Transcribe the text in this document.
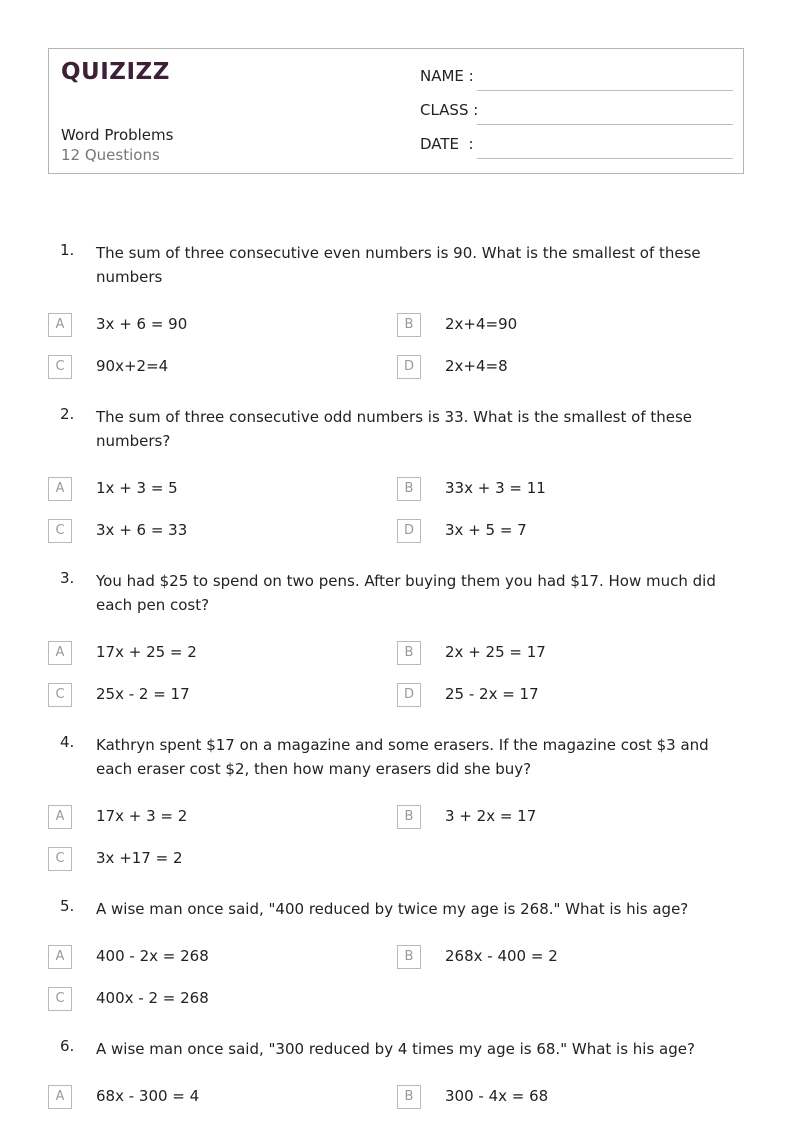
QUIZIZZ
Word Problems
12 Questions
NAME :
CLASS :
DATE  :
1. The sum of three consecutive even numbers is 90. What is the smallest of these numbers
A	3x + 6 = 90	B	2x+4=90
C	90x+2=4	D	2x+4=8
2. The sum of three consecutive odd numbers is 33. What is the smallest of these numbers?
A	1x + 3 = 5	B	33x + 3 = 11
C	3x + 6 = 33	D	3x + 5 = 7
3. You had $25 to spend on two pens. After buying them you had $17. How much did each pen cost?
A	17x + 25 = 2	B	2x + 25 = 17
C	25x - 2 = 17	D	25 - 2x = 17
4. Kathryn spent $17 on a magazine and some erasers. If the magazine cost $3 and each eraser cost $2, then how many erasers did she buy?
A	17x + 3 = 2	B	3 + 2x = 17
C	3x +17 = 2
5. A wise man once said, "400 reduced by twice my age is 268." What is his age?
A	400 - 2x = 268	B	268x - 400 = 2
C	400x - 2 = 268
6. A wise man once said, "300 reduced by 4 times my age is 68." What is his age?
A	68x - 300 = 4	B	300 - 4x = 68
